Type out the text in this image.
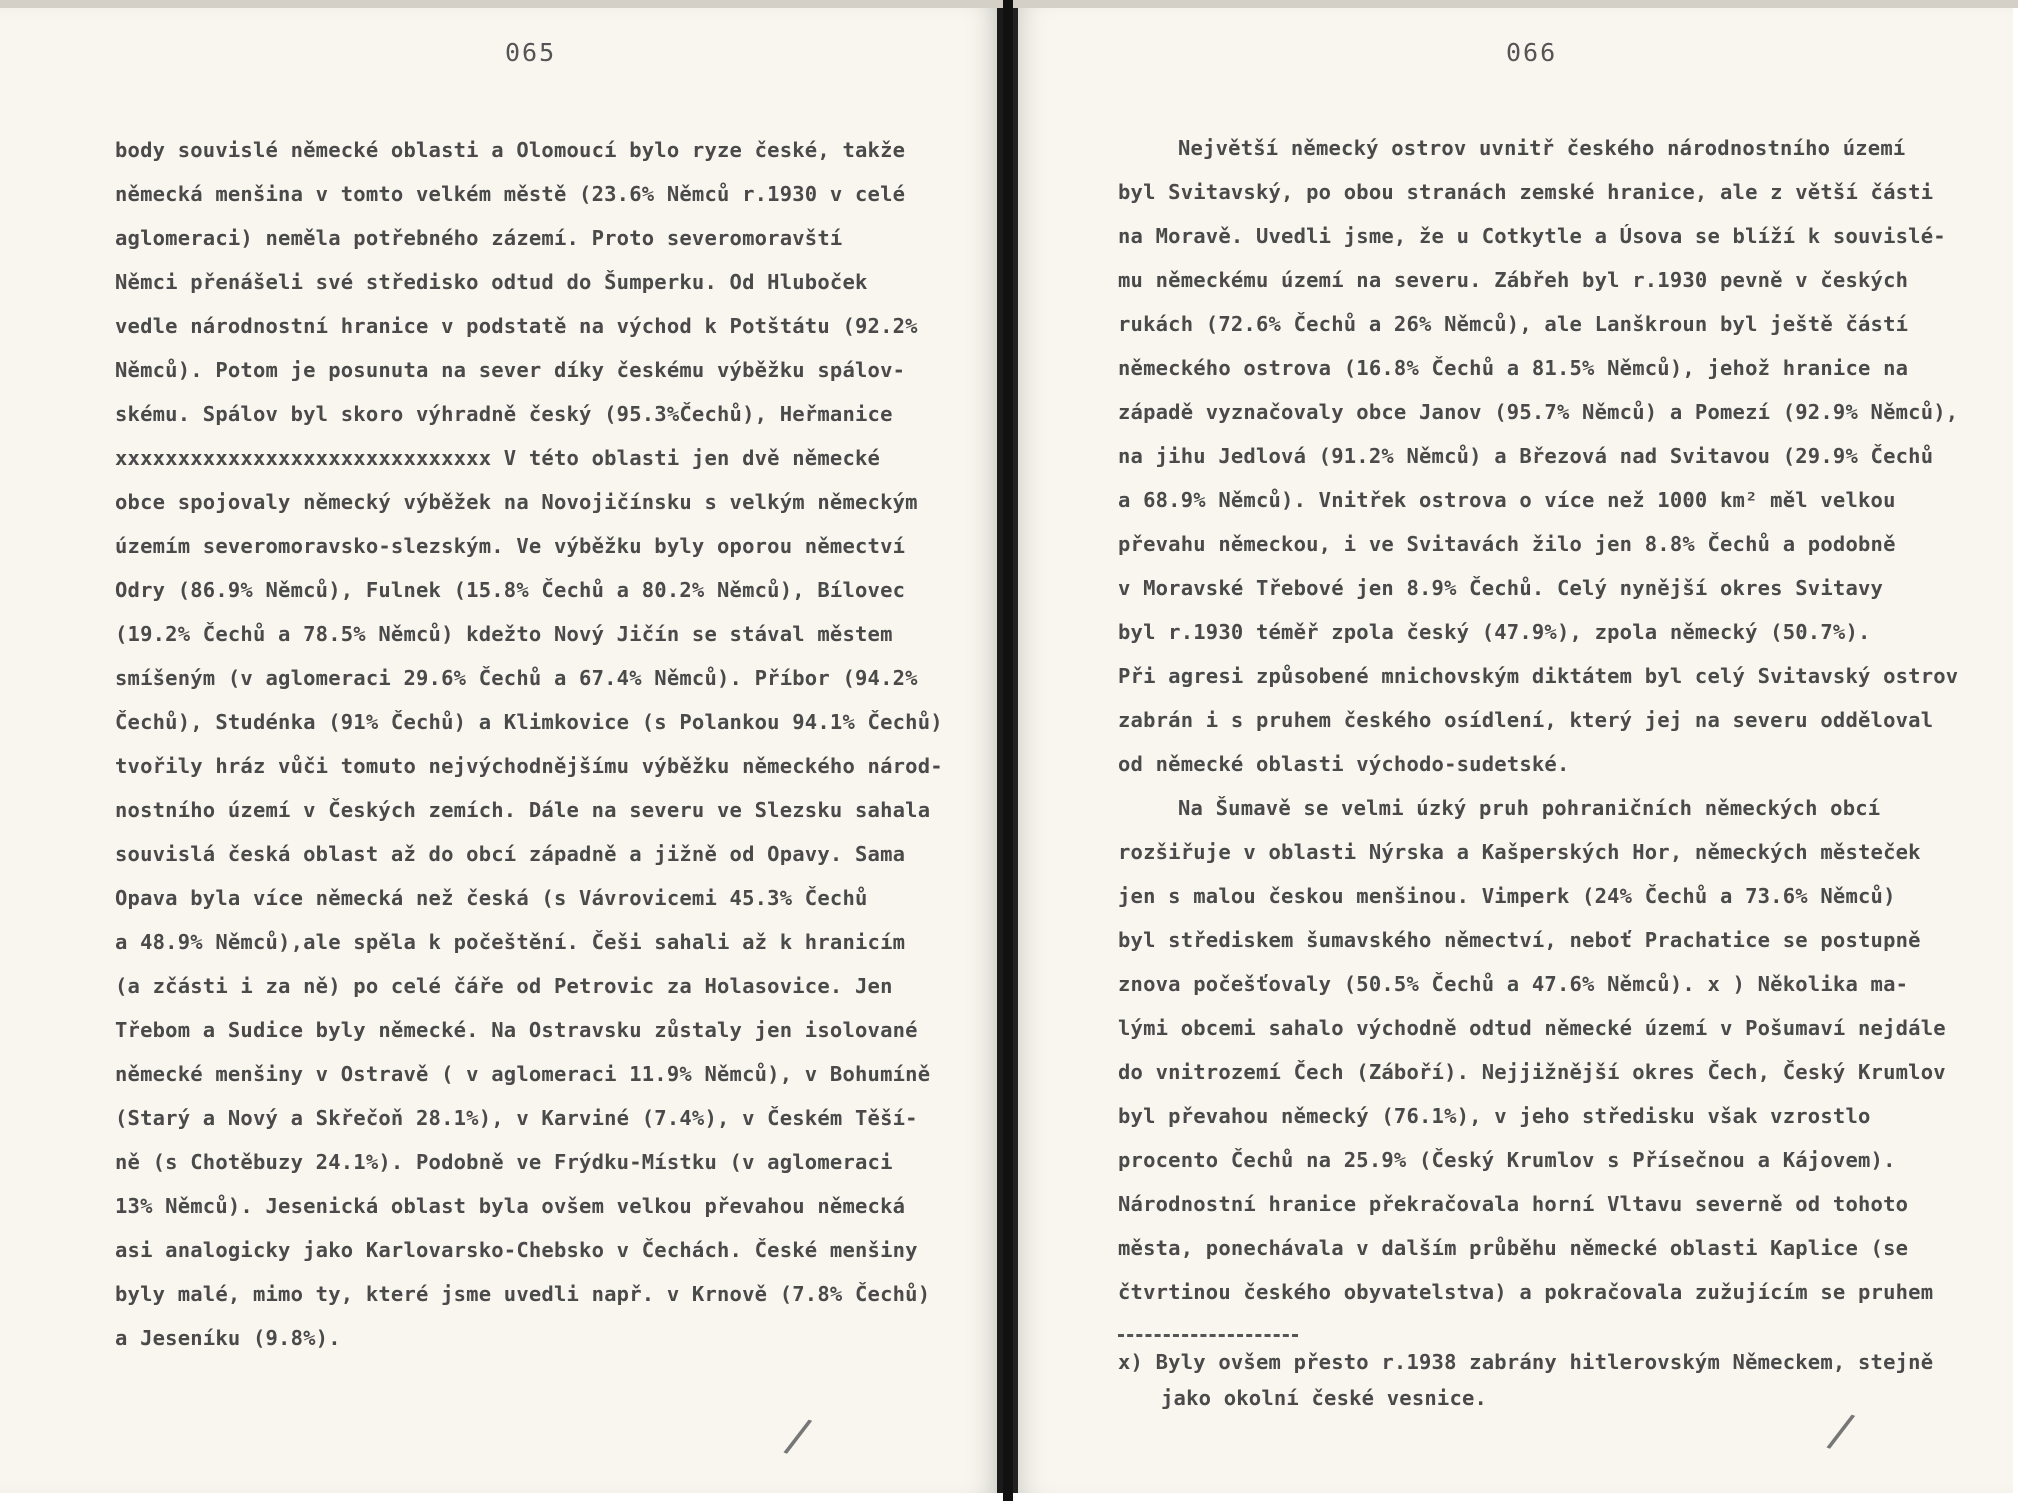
065
body souvislé německé oblasti a Olomoucí bylo ryze české, takže
německá menšina v tomto velkém městě (23.6% Němců r.1930 v celé
aglomeraci) neměla potřebného zázemí. Proto severomoravští
Němci přenášeli své středisko odtud do Šumperku. Od Hluboček
vedle národnostní hranice v podstatě na východ k Potštátu (92.2%
Němců). Potom je posunuta na sever díky českému výběžku spálov-
skému. Spálov byl skoro výhradně český (95.3%Čechů), Heřmanice
xxxxxxxxxxxxxxxxxxxxxxxxxxxxxx V této oblasti jen dvě německé
obce spojovaly německý výběžek na Novojičínsku s velkým německým
územím severomoravsko-slezským. Ve výběžku byly oporou němectví
Odry (86.9% Němců), Fulnek (15.8% Čechů a 80.2% Němců), Bílovec
(19.2% Čechů a 78.5% Němců) kdežto Nový Jičín se stával městem
smíšeným (v aglomeraci 29.6% Čechů a 67.4% Němců). Příbor (94.2%
Čechů), Studénka (91% Čechů) a Klimkovice (s Polankou 94.1% Čechů)
tvořily hráz vůči tomuto nejvýchodnějšímu výběžku německého národ-
nostního území v Českých zemích. Dále na severu ve Slezsku sahala
souvislá česká oblast až do obcí západně a jižně od Opavy. Sama
Opava byla více německá než česká (s Vávrovicemi 45.3% Čechů
a 48.9% Němců),ale spěla k počeštění. Češi sahali až k hranicím
(a zčásti i za ně) po celé čáře od Petrovic za Holasovice. Jen
Třebom a Sudice byly německé. Na Ostravsku zůstaly jen isolované
německé menšiny v Ostravě ( v aglomeraci 11.9% Němců), v Bohumíně
(Starý a Nový a Skřečoň 28.1%), v Karviné (7.4%), v Českém Těší-
ně (s Chotěbuzy 24.1%). Podobně ve Frýdku-Místku (v aglomeraci
13% Němců). Jesenická oblast byla ovšem velkou převahou německá
asi analogicky jako Karlovarsko-Chebsko v Čechách. České menšiny
byly malé, mimo ty, které jsme uvedli např. v Krnově (7.8% Čechů)
a Jeseníku (9.8%).
/
066
Největší německý ostrov uvnitř českého národnostního území
byl Svitavský, po obou stranách zemské hranice, ale z větší části
na Moravě. Uvedli jsme, že u Cotkytle a Úsova se blíží k souvislé-
mu německému území na severu. Zábřeh byl r.1930 pevně v českých
rukách (72.6% Čechů a 26% Němců), ale Lanškroun byl ještě částí
německého ostrova (16.8% Čechů a 81.5% Němců), jehož hranice na
západě vyznačovaly obce Janov (95.7% Němců) a Pomezí (92.9% Němců),
na jihu Jedlová (91.2% Němců) a Březová nad Svitavou (29.9% Čechů
a 68.9% Němců). Vnitřek ostrova o více než 1000 km² měl velkou
převahu německou, i ve Svitavách žilo jen 8.8% Čechů a podobně
v Moravské Třebové jen 8.9% Čechů. Celý nynější okres Svitavy
byl r.1930 téměř zpola český (47.9%), zpola německý (50.7%).
Při agresi způsobené mnichovským diktátem byl celý Svitavský ostrov
zabrán i s pruhem českého osídlení, který jej na severu odděloval
od německé oblasti východo-sudetské.
Na Šumavě se velmi úzký pruh pohraničních německých obcí
rozšiřuje v oblasti Nýrska a Kašperských Hor, německých městeček
jen s malou českou menšinou. Vimperk (24% Čechů a 73.6% Němců)
byl střediskem šumavského němectví, neboť Prachatice se postupně
znova počešťovaly (50.5% Čechů a 47.6% Němců). x ) Několika ma-
lými obcemi sahalo východně odtud německé území v Pošumaví nejdále
do vnitrozemí Čech (Záboří). Nejjižnější okres Čech, Český Krumlov
byl převahou německý (76.1%), v jeho středisku však vzrostlo
procento Čechů na 25.9% (Český Krumlov s Přísečnou a Kájovem).
Národnostní hranice překračovala horní Vltavu severně od tohoto
města, ponechávala v dalším průběhu německé oblasti Kaplice (se
čtvrtinou českého obyvatelstva) a pokračovala zužujícím se pruhem
x) Byly ovšem přesto r.1938 zabrány hitlerovským Německem, stejně
jako okolní české vesnice.
/
